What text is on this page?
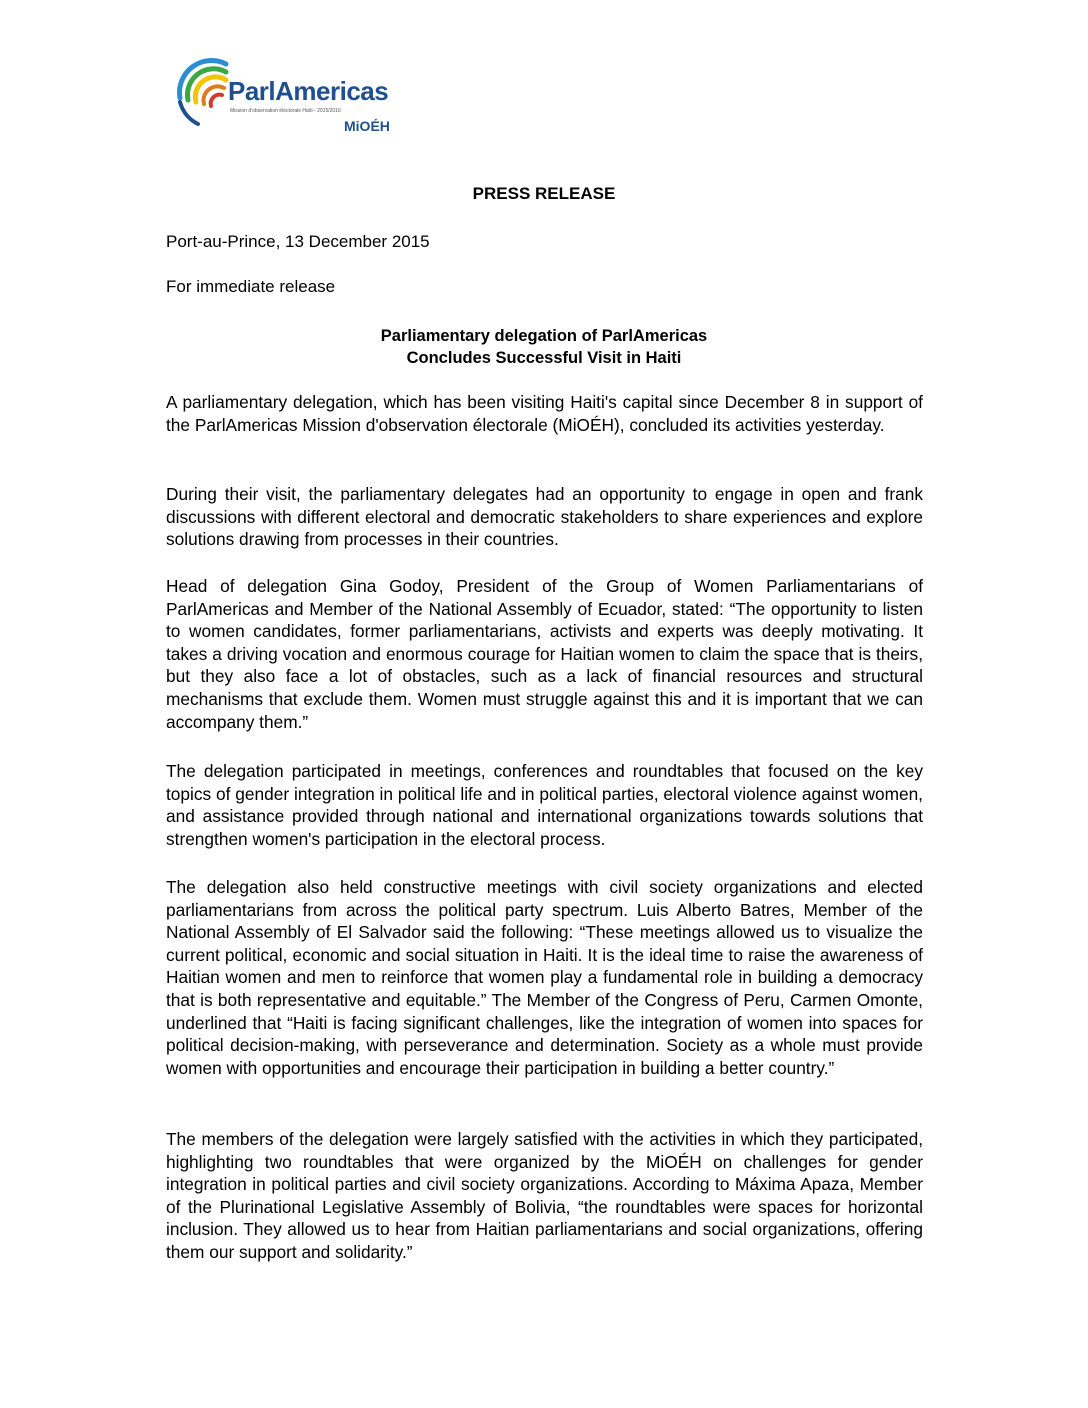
ParlAmericas
Mission d'observation électorale Haïti - 2015/2016
MiOÉH
PRESS RELEASE
Port-au-Prince, 13 December 2015
For immediate release
Parliamentary delegation of ParlAmericas
Concludes Successful Visit in Haiti

A parliamentary delegation, which has been visiting Haiti's capital since December 8 in support of the ParlAmericas Mission d'observation électorale (MiOÉH), concluded its activities yesterday.

During their visit, the parliamentary delegates had an opportunity to engage in open and frank discussions with different electoral and democratic stakeholders to share experiences and explore solutions drawing from processes in their countries.

Head of delegation Gina Godoy, President of the Group of Women Parliamentarians of ParlAmericas and Member of the National Assembly of Ecuador, stated: “The opportunity to listen to women candidates, former parliamentarians, activists and experts was deeply motivating. It takes a driving vocation and enormous courage for Haitian women to claim the space that is theirs, but they also face a lot of obstacles, such as a lack of financial resources and structural mechanisms that exclude them. Women must struggle against this and it is important that we can accompany them.”

The delegation participated in meetings, conferences and roundtables that focused on the key topics of gender integration in political life and in political parties, electoral violence against women, and assistance provided through national and international organizations towards solutions that strengthen women's participation in the electoral process.

The delegation also held constructive meetings with civil society organizations and elected parliamentarians from across the political party spectrum. Luis Alberto Batres, Member of the National Assembly of El Salvador said the following: “These meetings allowed us to visualize the current political, economic and social situation in Haiti. It is the ideal time to raise the awareness of Haitian women and men to reinforce that women play a fundamental role in building a democracy that is both representative and equitable.” The Member of the Congress of Peru, Carmen Omonte, underlined that “Haiti is facing significant challenges, like the integration of women into spaces for political decision-making, with perseverance and determination. Society as a whole must provide women with opportunities and encourage their participation in building a better country.”

The members of the delegation were largely satisfied with the activities in which they participated, highlighting two roundtables that were organized by the MiOÉH on challenges for gender integration in political parties and civil society organizations. According to Máxima Apaza, Member of the Plurinational Legislative Assembly of Bolivia, “the roundtables were spaces for horizontal inclusion. They allowed us to hear from Haitian parliamentarians and social organizations, offering them our support and solidarity.”
